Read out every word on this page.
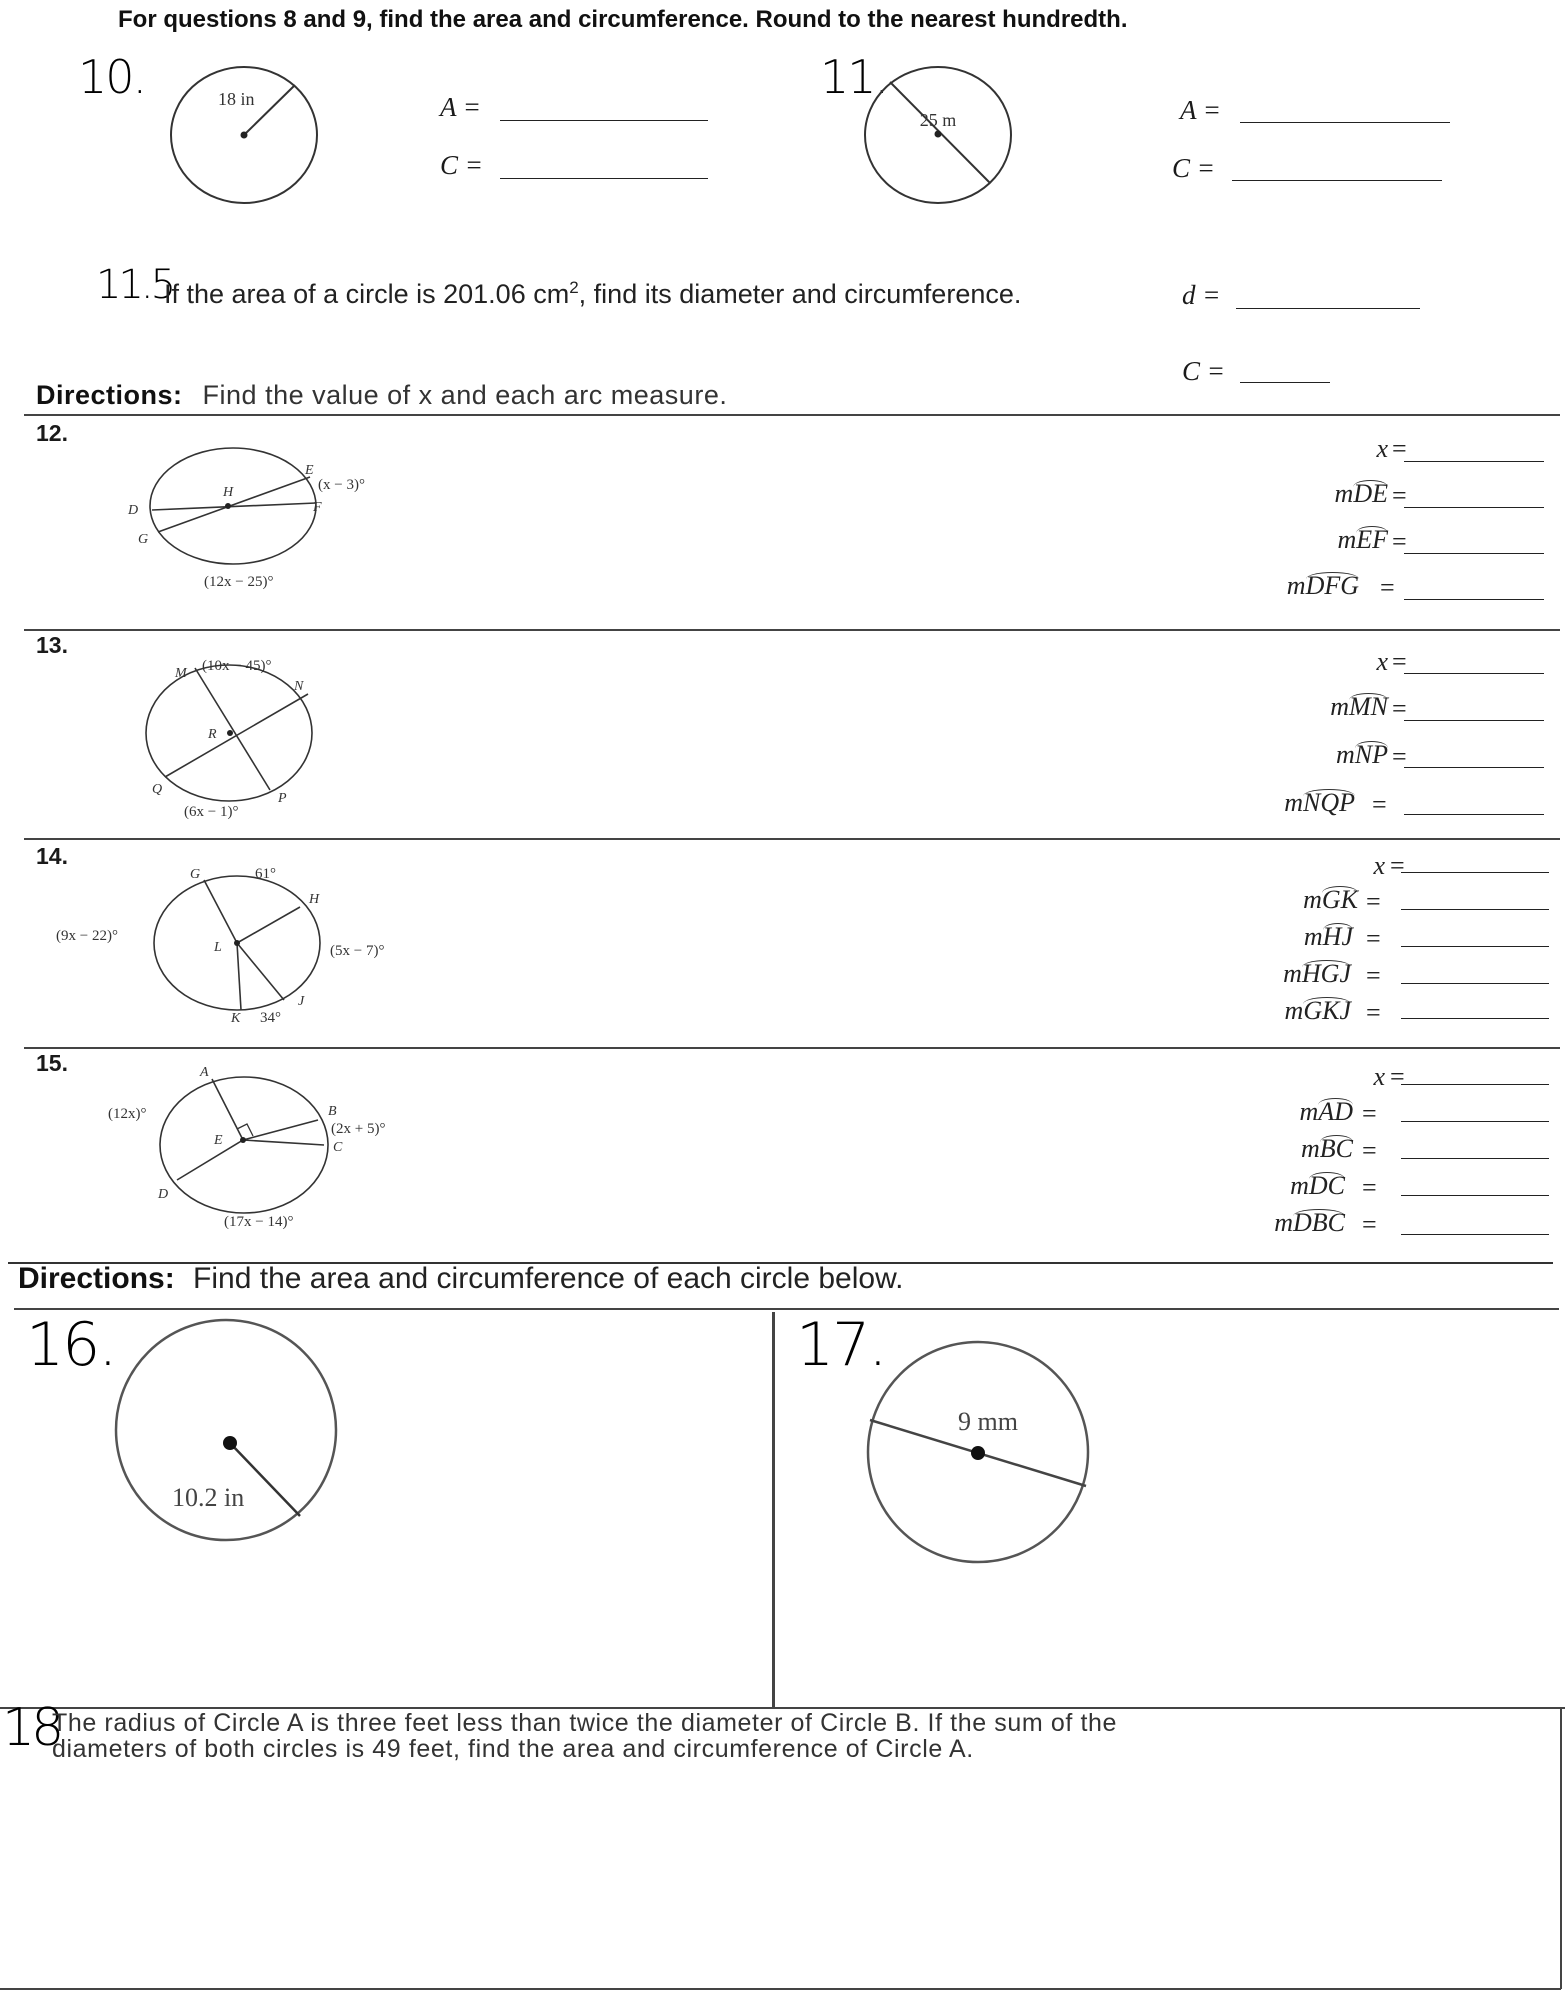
For questions 8 and 9, find the area and circumference. Round to the nearest hundredth.
10.	18 in	A =
C =
11.
25 m	A =
C =
11.5
If the area of a circle is 201.06 $cm^2$, find its diameter and circumference.	d =
C =
Directions: Find the value of x and each arc measure.
12.
H
E
F
D
G
(x − 3)°
(12x − 25)°
x =
mDE =
mEF =
mDFG =
13.
M
N
R
Q
P
(10x − 45)°
(6x − 1)°
x =
mMN =
mNP =
mNQP =
14.
G
H
L
K
J
61°
34°
(9x − 22)°
(5x − 7)°
x =
mGK =
mHJ =
mHGJ =
mGKJ =
15.	A
B
C
D
E
(12x)°
(2x + 5)°
(17x − 14)°
x =
mAD =
mBC =
mDC =
mDBC =
Directions: Find the area and circumference of each circle below.
16.
10.2 in
17.
9 mm
18
The radius of Circle A is three feet less than twice the diameter of Circle B. If the sum of the
diameters of both circles is 49 feet, find the area and circumference of Circle A.
